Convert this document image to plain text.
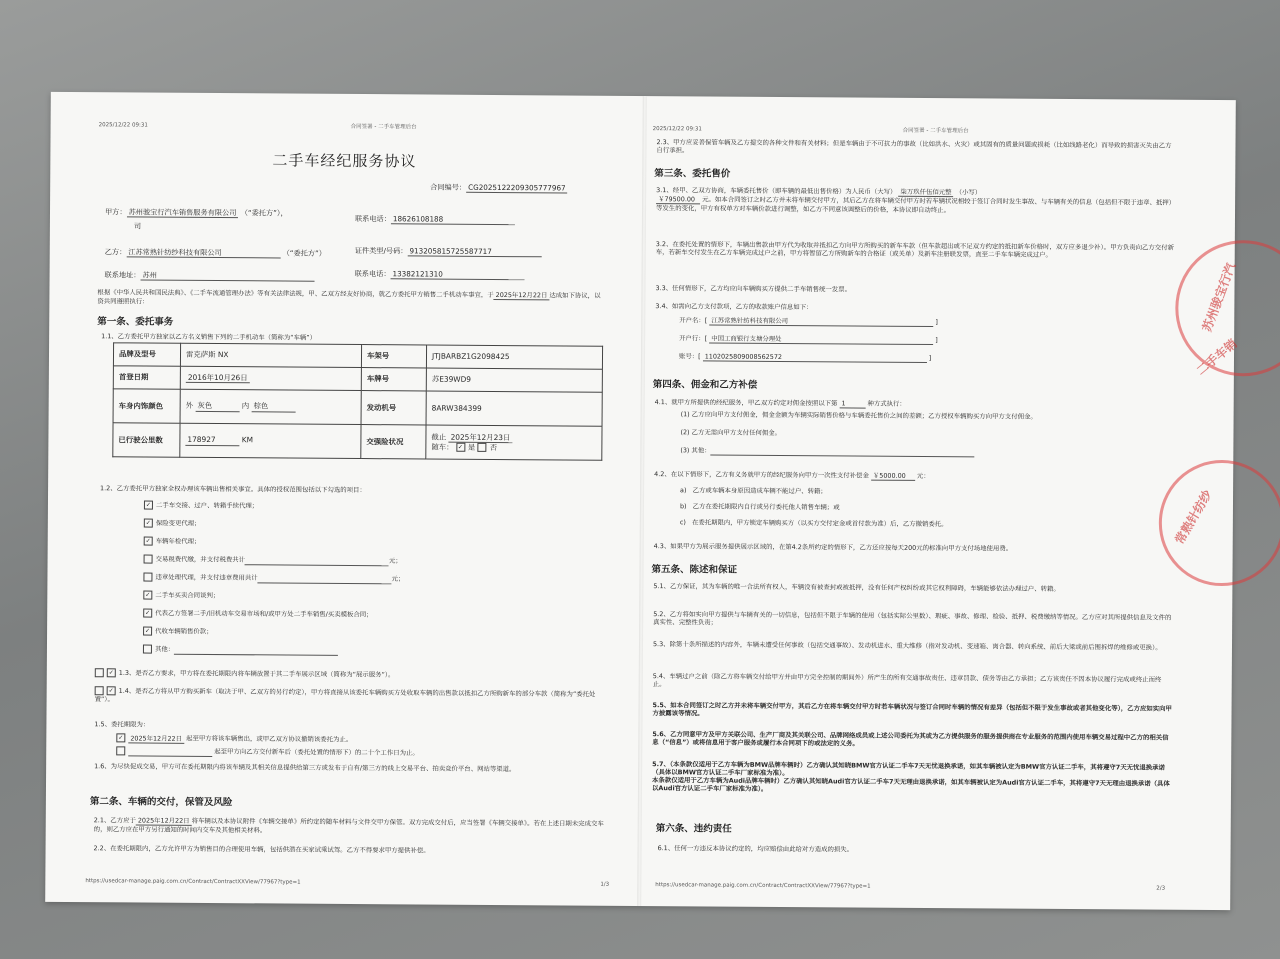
2025/12/22 09:31	合同签署 - 二手车管理后台
二手车经纪服务协议
合同编号： CG2025122209305777967
甲方： 苏州骏宝行汽车销售服务有限公司 （“委托方”），
联系电话： 18626108188
司
乙方： 江苏常熟针纺纱科技有限公司	（“委托方”）	证件类型/号码： 913205815725587717
联系地址： 苏州	联系电话： 13382121310
根据《中华人民共和国民法典》、《二手车流通管理办法》等有关法律法规，甲、乙双方经友好协商，就乙方委托甲方销售二手机动车事宜，于 2025年12月22日 达成如下协议，以资共同遵照执行：
第一条、委托事务
1.1、乙方委托甲方独家以乙方名义销售下列的二手机动车（简称为“车辆”）
品牌及型号	雷克萨斯 NX	车架号	JTJBARBZ1G2098425
首登日期	2016年10月26日	车牌号	苏E39WD9
车身内饰颜色	外 灰色 内 棕色	发动机号	8ARW384399
已行驶公里数	178927 KM	交强险状况	截止 2025年12月23日
随车： ✓ 是 否
1.2、乙方委托甲方独家全权办理该车辆出售相关事宜。具体的授权范围包括以下勾选的项目：
✓ 二手车交接、过户、转籍手续代理；
✓ 保险变更代理；
✓ 车辆年检代理；
交易税费代缴，并支付税费共计	元；
违章处理代理，并支付违章费用共计	元；
✓ 二手车买卖合同谈判；
✓ 代表乙方签署二手/旧机动车交易市场和/或甲方处二手车销售/买卖模板合同；
✓ 代收车辆销售价款；
其他：
✓ 1.3、是否乙方要求，甲方将在委托期限内将车辆放置于其二手车展示区域（简称为“展示服务”）。
✓ 1.4、是否乙方将从甲方购买新车（取决于甲、乙双方的另行约定），甲方将直接从该委托车辆购买方处收取车辆的出售款以抵扣乙方所购新车的部分车款（简称为“委托处置”）。
1.5、委托期限为：
✓ 2025年12月22日 起至甲方将该车辆售出，或甲乙双方协议撤销该委托为止。
起至甲方向乙方交付新车后（委托处置的情形下）的二十个工作日为止。
1.6、为尽快促成交易，甲方可在委托期限内将该车辆及其相关信息提供给第三方或发布于自有/第三方的线上交易平台、拍卖竞价平台、网站等渠道。
第二条、车辆的交付，保管及风险
2.1、乙方应于 2025年12月22日 将车辆以及本协议附件《车辆交接单》所约定的随车材料与文件交甲方保管。双方完成交付后，应当签署《车辆交接单》。若在上述日期未完成交车的，则乙方应在甲方另行通知的时间内交车及其他相关材料。
2.2、在委托期限内，乙方允许甲方为销售目的合理使用车辆，包括供潜在买家试乘试驾。乙方不得要求甲方提供补偿。
https://usedcar-manage.paig.com.cn/Contract/ContractXXView/77967?type=1	1/3
2025/12/22 09:31	合同签署 - 二手车管理后台
2.3、甲方应妥善保管车辆及乙方提交的各种文件和有关材料；但是车辆由于不可抗力的事故（比如洪水、火灾）或其固有的质量问题或损耗（比如线路老化）而导致的损害灭失由乙方自行承担。
第三条、委托售价
3.1、经甲、乙双方协商，车辆委托售价（即车辆的最低出售价格）为人民币（大写） 柒万玖仟伍佰元整 （小写）
￥79500.00 元。如本合同签订之时乙方并未将车辆交付甲方，其后乙方在将车辆交付甲方时若车辆状况相较于签订合同时发生事故、与车辆有关的信息（包括但不限于违章、抵押）等发生的变化，甲方有权单方对车辆价款进行调整，如乙方不同意该调整后的价格，本协议即自动终止。
3.2、在委托处置的情形下，车辆出售款由甲方代为收取并抵扣乙方向甲方所购买的新车车款（但车款超出或不足双方约定的抵扣新车价格时，双方应多退少补）。甲方负责向乙方交付新车，若新车交付发生在乙方车辆完成过户之前，甲方将暂留乙方所购新车的合格证（或关单）及新车注册联发票，直至二手车车辆完成过户。
3.3、任何情形下，乙方均应向车辆购买方提供二手车销售统一发票。
3.4、如需向乙方支付款项，乙方的收款账户信息如下：
开户名：[ 江苏常熟针纺科技有限公司	]
开户行：[ 中国工商银行支塘分理处	]
账号：[ 1102025809008562572	]
第四条、佣金和乙方补偿
4.1、就甲方所提供的经纪服务，甲乙双方约定对佣金按照以下第 1	种方式执行：
(1) 乙方应向甲方支付佣金，佣金金额为车辆实际销售价格与车辆委托售价之间的差额；乙方授权车辆购买方向甲方支付佣金。
(2) 乙方无需向甲方支付任何佣金。
(3) 其他：
4.2、在以下情形下，乙方有义务就甲方的经纪服务向甲方一次性支付补偿金 ￥5000.00 元：
a)   乙方或车辆本身原因造成车辆不能过户、转籍；
b)   乙方在委托期限内自行或另行委托他人销售车辆；或
c)   在委托期限内，甲方锁定车辆购买方（以买方交付定金或首付款为准）后，乙方撤销委托。
4.3、如果甲方为展示服务提供展示区域的，在第4.2条所约定的情形下，乙方还应按每天200元的标准向甲方支付场地使用费。
第五条、陈述和保证
5.1、乙方保证，其为车辆的唯一合法所有权人，车辆没有被查封或被抵押，没有任何产权纠纷或其它权利障碍，车辆能够依法办理过户、转籍。
5.2、乙方将如实向甲方提供与车辆有关的一切信息，包括但不限于车辆的使用（包括实际公里数）、瑕疵、事故、修理、检验、抵押、税费缴纳等情况。乙方应对其所提供信息及文件的真实性、完整性负责；
5.3、除第十条所描述的内容外，车辆未遭受任何事故（包括交通事故）、发动机进水、重大维修（指对发动机、变速箱、离合器、转向系统、前后大梁或前后围拆焊的维修或更换）。
5.4、车辆过户之前（除乙方将车辆交付给甲方并由甲方完全控制的期间外）所产生的所有交通事故责任、违章罚款、债务等由乙方承担；乙方该责任不因本协议履行完成或终止而终止。
5.5、如本合同签订之时乙方并未将车辆交付甲方，其后乙方在将车辆交付甲方时若车辆状况与签订合同时车辆的情况有差异（包括但不限于发生事故或者其他变化等），乙方应如实向甲方披露该等情况。
5.6、乙方同意甲方及甲方关联公司、生产厂商及其关联公司、品牌网络成员或上述公司委托为其或为乙方提供服务的服务提供商在专业服务的范围内使用车辆交易过程中乙方的相关信息（“信息”）或将信息用于客户服务或履行本合同项下的或法定的义务。
5.7、（本条款仅适用于乙方车辆为BMW品牌车辆时）乙方确认其知晓BMW官方认证二手车7天无忧退换承诺，如其车辆被认定为BMW官方认证二手车，其将遵守7天无忧退换承诺（具体以BMW官方认证二手车厂家标准为准）。
本条款仅适用于乙方车辆为Audi品牌车辆时）乙方确认其知晓Audi官方认证二手车7天无理由退换承诺，如其车辆被认定为Audi官方认证二手车，其将遵守7天无理由退换承诺（具体以Audi官方认证二手车厂家标准为准）。
第六条、违约责任
6.1、任何一方违反本协议约定的，均应赔偿由此给对方造成的损失。
https://usedcar-manage.paig.com.cn/Contract/ContractXXView/77967?type=1	2/3
苏州骏宝行汽
二手车销
常熟针纺纱
